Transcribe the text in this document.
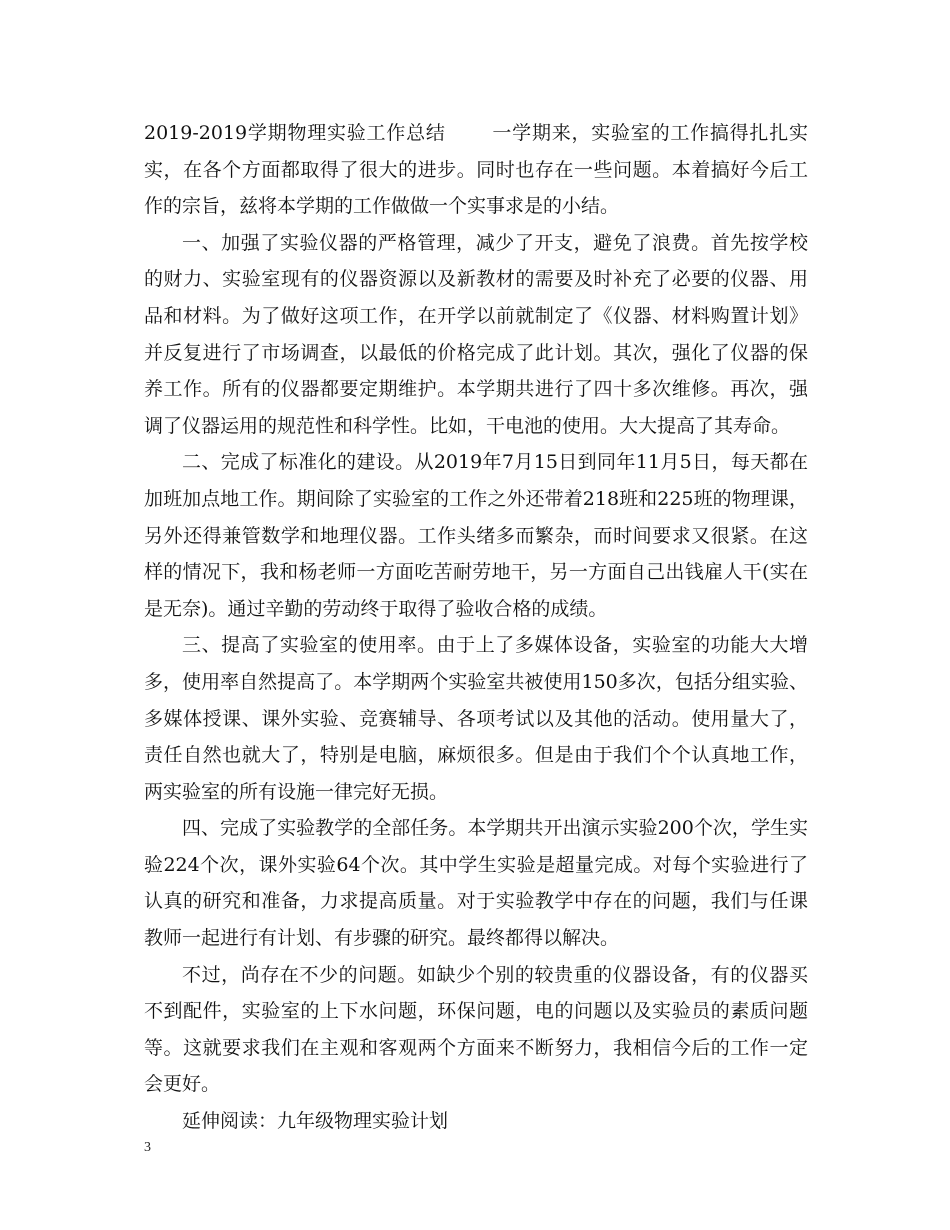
2019-2019学期物理实验工作总结 一学期来，实验室的工作搞得扎扎实实，在各个方面都取得了很大的进步。同时也存在一些问题。本着搞好今后工作的宗旨，兹将本学期的工作做做一个实事求是的小结。

一、加强了实验仪器的严格管理，减少了开支，避免了浪费。首先按学校的财力、实验室现有的仪器资源以及新教材的需要及时补充了必要的仪器、用品和材料。为了做好这项工作，在开学以前就制定了《仪器、材料购置计划》并反复进行了市场调查，以最低的价格完成了此计划。其次，强化了仪器的保养工作。所有的仪器都要定期维护。本学期共进行了四十多次维修。再次，强调了仪器运用的规范性和科学性。比如，干电池的使用。大大提高了其寿命。

二、完成了标准化的建设。从2019年7月15日到同年11月5日，每天都在加班加点地工作。期间除了实验室的工作之外还带着218班和225班的物理课，另外还得兼管数学和地理仪器。工作头绪多而繁杂，而时间要求又很紧。在这样的情况下，我和杨老师一方面吃苦耐劳地干，另一方面自己出钱雇人干(实在是无奈)。通过辛勤的劳动终于取得了验收合格的成绩。

三、提高了实验室的使用率。由于上了多媒体设备，实验室的功能大大增多，使用率自然提高了。本学期两个实验室共被使用150多次，包括分组实验、多媒体授课、课外实验、竞赛辅导、各项考试以及其他的活动。使用量大了，责任自然也就大了，特别是电脑，麻烦很多。但是由于我们个个认真地工作，两实验室的所有设施一律完好无损。

四、完成了实验教学的全部任务。本学期共开出演示实验200个次，学生实验224个次，课外实验64个次。其中学生实验是超量完成。对每个实验进行了认真的研究和准备，力求提高质量。对于实验教学中存在的问题，我们与任课教师一起进行有计划、有步骤的研究。最终都得以解决。

不过，尚存在不少的问题。如缺少个别的较贵重的仪器设备，有的仪器买不到配件，实验室的上下水问题，环保问题，电的问题以及实验员的素质问题等。这就要求我们在主观和客观两个方面来不断努力，我相信今后的工作一定会更好。

延伸阅读：九年级物理实验计划

3
